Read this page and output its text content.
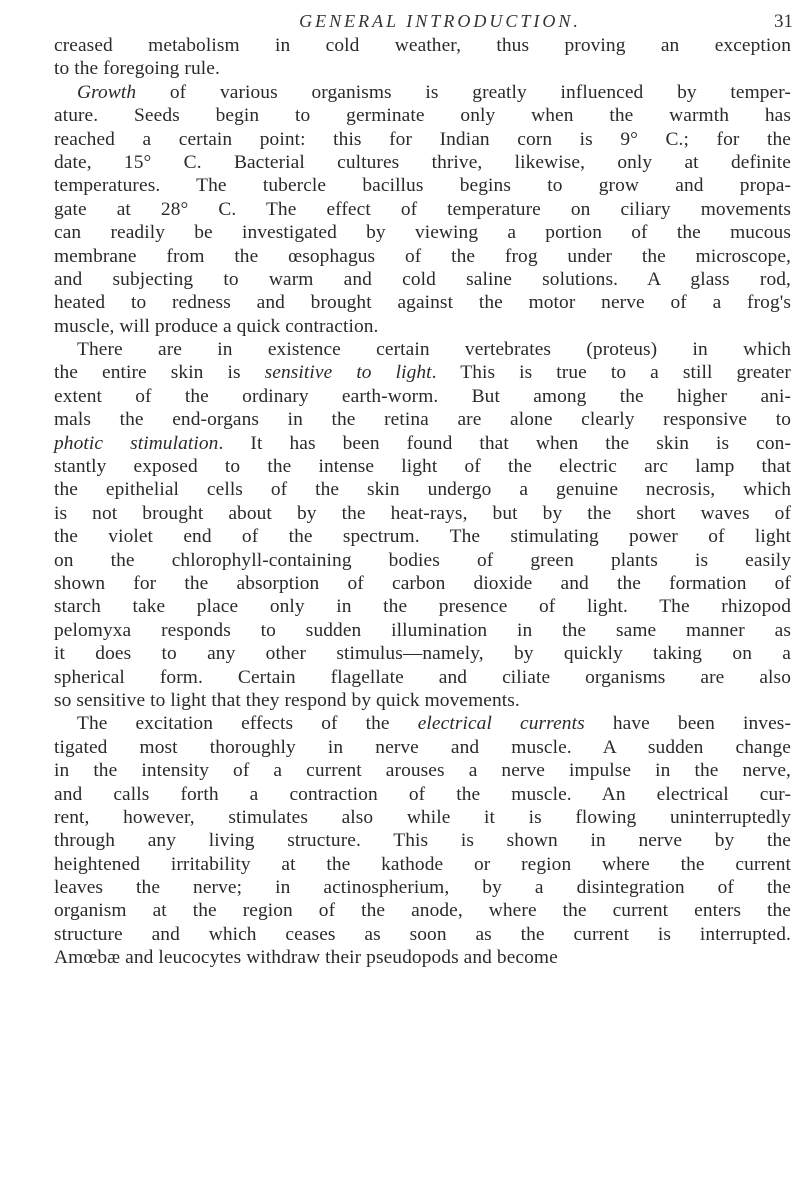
GENERAL INTRODUCTION.	31
creased metabolism in cold weather, thus proving an exception
to the foregoing rule.
Growth of various organisms is greatly influenced by temper-
ature. Seeds begin to germinate only when the warmth has
reached a certain point: this for Indian corn is 9° C.; for the
date, 15° C. Bacterial cultures thrive, likewise, only at definite
temperatures. The tubercle bacillus begins to grow and propa-
gate at 28° C. The effect of temperature on ciliary movements
can readily be investigated by viewing a portion of the mucous
membrane from the œsophagus of the frog under the microscope,
and subjecting to warm and cold saline solutions. A glass rod,
heated to redness and brought against the motor nerve of a frog's
muscle, will produce a quick contraction.
There are in existence certain vertebrates (proteus) in which
the entire skin is sensitive to light. This is true to a still greater
extent of the ordinary earth-worm. But among the higher ani-
mals the end-organs in the retina are alone clearly responsive to
photic stimulation. It has been found that when the skin is con-
stantly exposed to the intense light of the electric arc lamp that
the epithelial cells of the skin undergo a genuine necrosis, which
is not brought about by the heat-rays, but by the short waves of
the violet end of the spectrum. The stimulating power of light
on the chlorophyll-containing bodies of green plants is easily
shown for the absorption of carbon dioxide and the formation of
starch take place only in the presence of light. The rhizopod
pelomyxa responds to sudden illumination in the same manner as
it does to any other stimulus—namely, by quickly taking on a
spherical form. Certain flagellate and ciliate organisms are also
so sensitive to light that they respond by quick movements.
The excitation effects of the electrical currents have been inves-
tigated most thoroughly in nerve and muscle. A sudden change
in the intensity of a current arouses a nerve impulse in the nerve,
and calls forth a contraction of the muscle. An electrical cur-
rent, however, stimulates also while it is flowing uninterruptedly
through any living structure. This is shown in nerve by the
heightened irritability at the kathode or region where the current
leaves the nerve; in actinospherium, by a disintegration of the
organism at the region of the anode, where the current enters the
structure and which ceases as soon as the current is interrupted.
Amœbæ and leucocytes withdraw their pseudopods and become
